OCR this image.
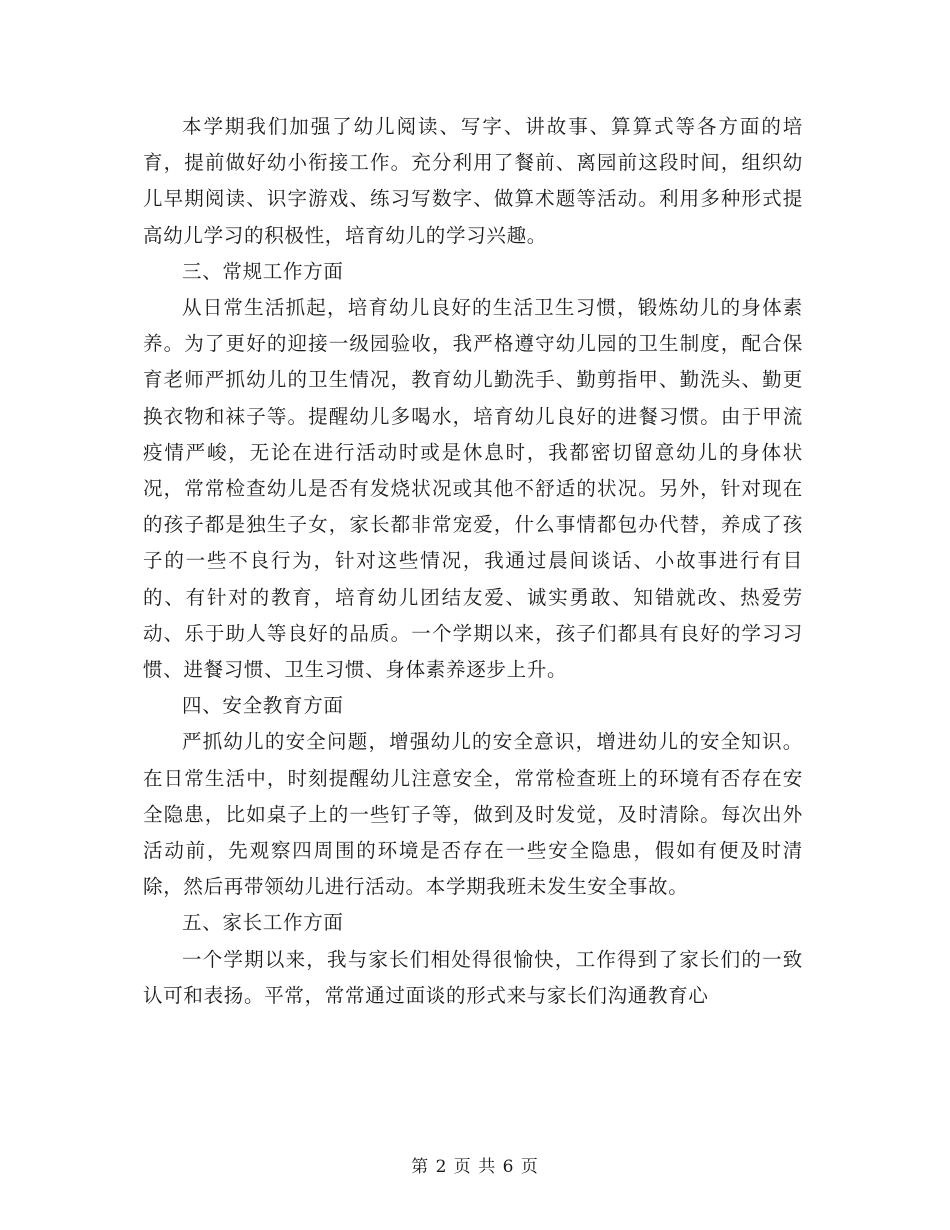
本学期我们加强了幼儿阅读、写字、讲故事、算算式等各方面的培育，提前做好幼小衔接工作。充分利用了餐前、离园前这段时间，组织幼儿早期阅读、识字游戏、练习写数字、做算术题等活动。利用多种形式提高幼儿学习的积极性，培育幼儿的学习兴趣。

三、常规工作方面

从日常生活抓起，培育幼儿良好的生活卫生习惯，锻炼幼儿的身体素养。为了更好的迎接一级园验收，我严格遵守幼儿园的卫生制度，配合保育老师严抓幼儿的卫生情况，教育幼儿勤洗手、勤剪指甲、勤洗头、勤更换衣物和袜子等。提醒幼儿多喝水，培育幼儿良好的进餐习惯。由于甲流疫情严峻，无论在进行活动时或是休息时，我都密切留意幼儿的身体状况，常常检查幼儿是否有发烧状况或其他不舒适的状况。另外，针对现在的孩子都是独生子女，家长都非常宠爱，什么事情都包办代替，养成了孩子的一些不良行为，针对这些情况，我通过晨间谈话、小故事进行有目的、有针对的教育，培育幼儿团结友爱、诚实勇敢、知错就改、热爱劳动、乐于助人等良好的品质。一个学期以来，孩子们都具有良好的学习习惯、进餐习惯、卫生习惯、身体素养逐步上升。

四、安全教育方面

严抓幼儿的安全问题，增强幼儿的安全意识，增进幼儿的安全知识。在日常生活中，时刻提醒幼儿注意安全，常常检查班上的环境有否存在安全隐患，比如桌子上的一些钉子等，做到及时发觉，及时清除。每次出外活动前，先观察四周围的环境是否存在一些安全隐患，假如有便及时清除，然后再带领幼儿进行活动。本学期我班未发生安全事故。

五、家长工作方面

一个学期以来，我与家长们相处得很愉快，工作得到了家长们的一致认可和表扬。平常，常常通过面谈的形式来与家长们沟通教育心

第 2 页 共 6 页
